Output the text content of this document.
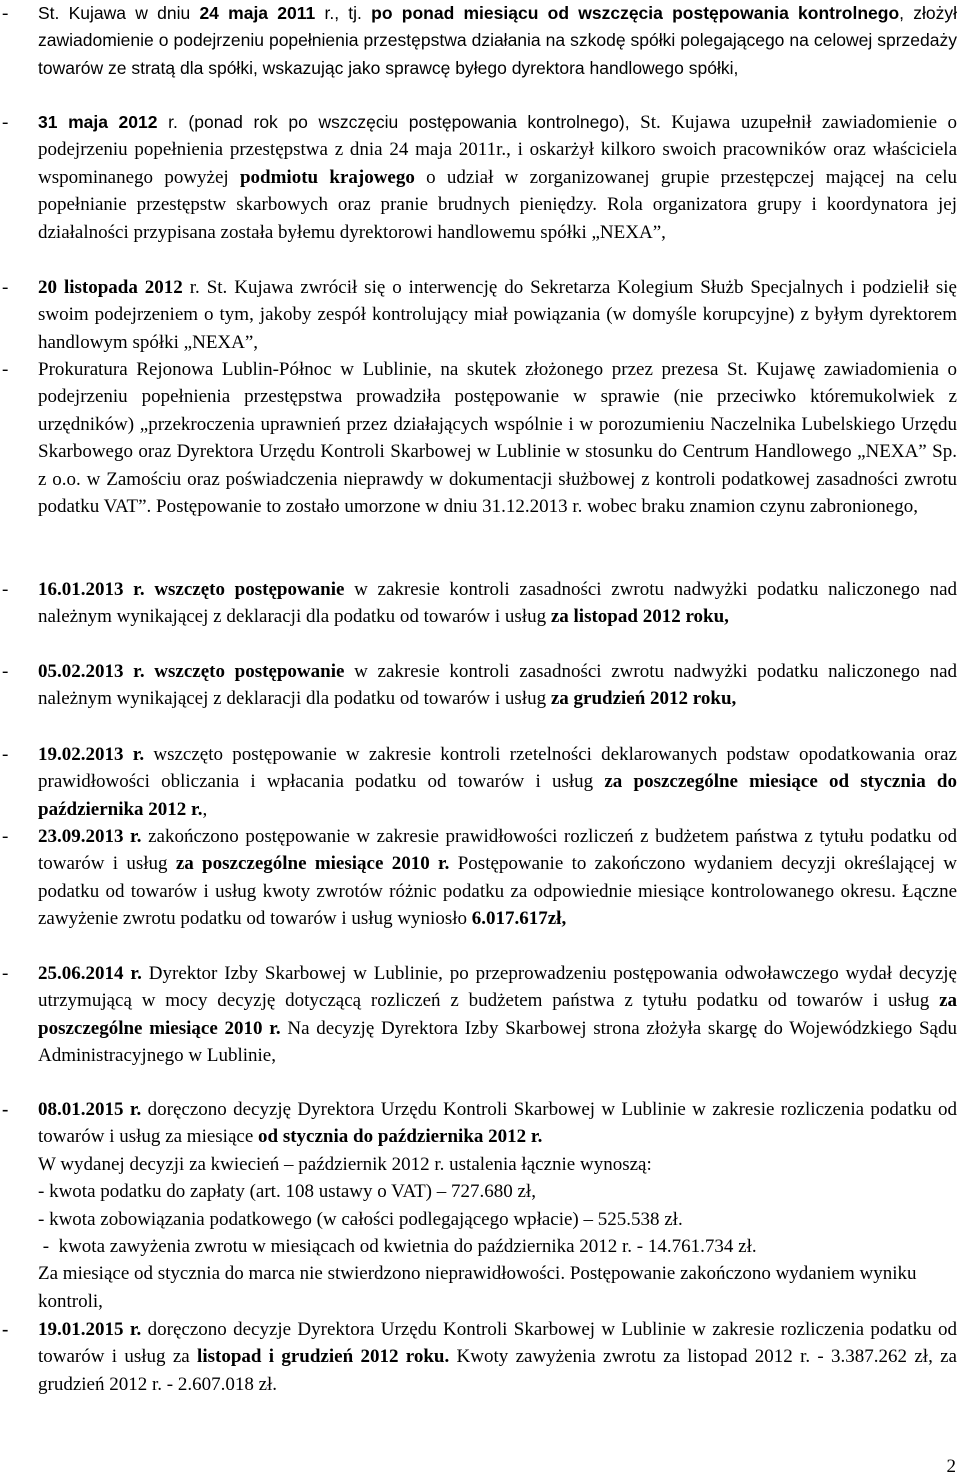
- St. Kujawa w dniu 24 maja 2011 r., tj. po ponad miesiącu od wszczęcia postępowania kontrolnego, złożył zawiadomienie o podejrzeniu popełnienia przestępstwa działania na szkodę spółki polegającego na celowej sprzedaży towarów ze stratą dla spółki, wskazując jako sprawcę byłego dyrektora handlowego spółki,
- 31 maja 2012 r. (ponad rok po wszczęciu postępowania kontrolnego), St. Kujawa uzupełnił zawiadomienie o podejrzeniu popełnienia przestępstwa z dnia 24 maja 2011r., i oskarżył kilkoro swoich pracowników oraz właściciela wspominanego powyżej podmiotu krajowego o udział w zorganizowanej grupie przestępczej mającej na celu popełnianie przestępstw skarbowych oraz pranie brudnych pieniędzy. Rola organizatora grupy i koordynatora jej działalności przypisana została byłemu dyrektorowi handlowemu spółki „NEXA”,
- 20 listopada 2012 r. St. Kujawa zwrócił się o interwencję do Sekretarza Kolegium Służb Specjalnych i podzielił się swoim podejrzeniem o tym, jakoby zespół kontrolujący miał powiązania (w domyśle korupcyjne) z byłym dyrektorem handlowym spółki „NEXA”,
- Prokuratura Rejonowa Lublin-Północ w Lublinie, na skutek złożonego przez prezesa St. Kujawę zawiadomienia o podejrzeniu popełnienia przestępstwa prowadziła postępowanie w sprawie (nie przeciwko któremukolwiek z urzędników) „przekroczenia uprawnień przez działających wspólnie i w porozumieniu Naczelnika Lubelskiego Urzędu Skarbowego oraz Dyrektora Urzędu Kontroli Skarbowej w Lublinie w stosunku do Centrum Handlowego „NEXA” Sp. z o.o. w Zamościu oraz poświadczenia nieprawdy w dokumentacji służbowej z kontroli podatkowej zasadności zwrotu podatku VAT”. Postępowanie to zostało umorzone w dniu 31.12.2013 r. wobec braku znamion czynu zabronionego,
- 16.01.2013 r. wszczęto postępowanie w zakresie kontroli zasadności zwrotu nadwyżki podatku naliczonego nad należnym wynikającej z deklaracji dla podatku od towarów i usług za listopad 2012 roku,
- 05.02.2013 r. wszczęto postępowanie w zakresie kontroli zasadności zwrotu nadwyżki podatku naliczonego nad należnym wynikającej z deklaracji dla podatku od towarów i usług za grudzień 2012 roku,
- 19.02.2013 r. wszczęto postępowanie w zakresie kontroli rzetelności deklarowanych podstaw opodatkowania oraz prawidłowości obliczania i wpłacania podatku od towarów i usług za poszczególne miesiące od stycznia do października 2012 r.,
- 23.09.2013 r. zakończono postępowanie w zakresie prawidłowości rozliczeń z budżetem państwa z tytułu podatku od towarów i usług za poszczególne miesiące 2010 r. Postępowanie to zakończono wydaniem decyzji określającej w podatku od towarów i usług kwoty zwrotów różnic podatku za odpowiednie miesiące kontrolowanego okresu. Łączne zawyżenie zwrotu podatku od towarów i usług wyniosło 6.017.617zł,
- 25.06.2014 r. Dyrektor Izby Skarbowej w Lublinie, po przeprowadzeniu postępowania odwoławczego wydał decyzję utrzymującą w mocy decyzję dotyczącą rozliczeń z budżetem państwa z tytułu podatku od towarów i usług za poszczególne miesiące 2010 r. Na decyzję Dyrektora Izby Skarbowej strona złożyła skargę do Wojewódzkiego Sądu Administracyjnego w Lublinie,
- 08.01.2015 r. doręczono decyzję Dyrektora Urzędu Kontroli Skarbowej w Lublinie w zakresie rozliczenia podatku od towarów i usług za miesiące od stycznia do października 2012 r.
W wydanej decyzji za kwiecień – październik 2012 r. ustalenia łącznie wynoszą:
- kwota podatku do zapłaty (art. 108 ustawy o VAT) – 727.680 zł,
- kwota zobowiązania podatkowego (w całości podlegającego wpłacie) – 525.538 zł.
-  kwota zawyżenia zwrotu w miesiącach od kwietnia do października 2012 r. - 14.761.734 zł.
Za miesiące od stycznia do marca nie stwierdzono nieprawidłowości. Postępowanie zakończono wydaniem wyniku kontroli,
- 19.01.2015 r. doręczono decyzje Dyrektora Urzędu Kontroli Skarbowej w Lublinie w zakresie rozliczenia podatku od towarów i usług za listopad i grudzień 2012 roku. Kwoty zawyżenia zwrotu za listopad 2012 r. - 3.387.262 zł, za grudzień 2012 r. - 2.607.018 zł.
2
